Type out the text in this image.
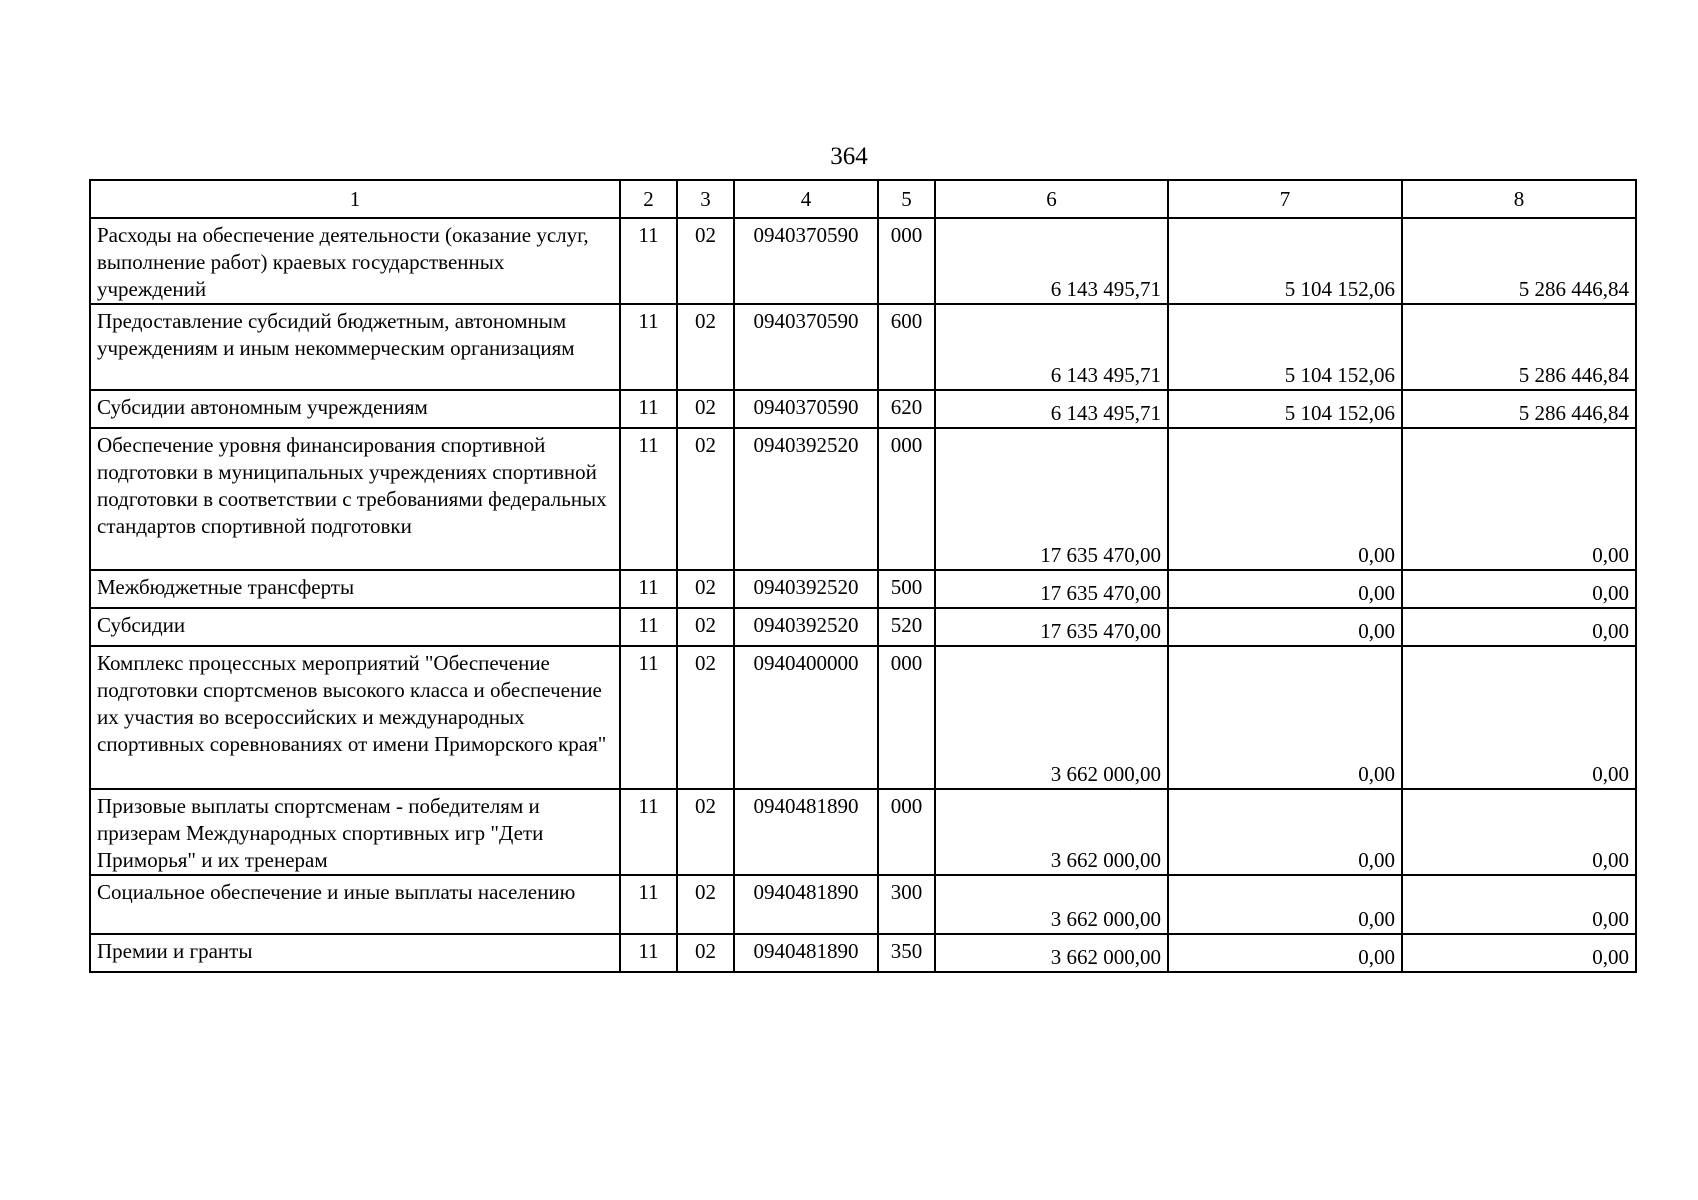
364
1	2	3	4	5	6	7	8
Расходы на обеспечение деятельности (оказание услуг, выполнение работ) краевых государственных учреждений	11	02	0940370590	000	6 143 495,71	5 104 152,06	5 286 446,84
Предоставление субсидий бюджетным, автономным учреждениям и иным некоммерческим организациям	11	02	0940370590	600	6 143 495,71	5 104 152,06	5 286 446,84
Субсидии автономным учреждениям	11	02	0940370590	620	6 143 495,71	5 104 152,06	5 286 446,84
Обеспечение уровня финансирования спортивной подготовки в муниципальных учреждениях спортивной подготовки в соответствии с требованиями федеральных стандартов спортивной подготовки	11	02	0940392520	000	17 635 470,00	0,00	0,00
Межбюджетные трансферты	11	02	0940392520	500	17 635 470,00	0,00	0,00
Субсидии	11	02	0940392520	520	17 635 470,00	0,00	0,00
Комплекс процессных мероприятий "Обеспечение подготовки спортсменов высокого класса и обеспечение их участия во всероссийских и международных спортивных соревнованиях от имени Приморского края"	11	02	0940400000	000	3 662 000,00	0,00	0,00
Призовые выплаты спортсменам - победителям и призерам Международных спортивных игр "Дети Приморья" и их тренерам	11	02	0940481890	000	3 662 000,00	0,00	0,00
Социальное обеспечение и иные выплаты населению	11	02	0940481890	300	3 662 000,00	0,00	0,00
Премии и гранты	11	02	0940481890	350	3 662 000,00	0,00	0,00
